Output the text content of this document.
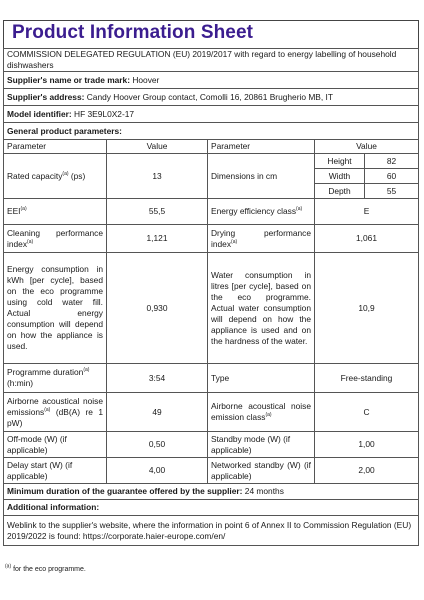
Product Information Sheet
COMMISSION DELEGATED REGULATION (EU) 2019/2017 with regard to energy labelling of household dishwashers				
Supplier's name or trade mark: Hoover				
Supplier's address: Candy Hoover Group contact, Comolli 16, 20861 Brugherio MB, IT				
Model identifier: HF 3E9L0X2-17				
General product parameters:				
Parameter	Value	Parameter	Value	
Rated capacity$^{(a)}$ (ps)	13	Dimensions in cm	Height	82
			Width	60
			Depth	55
EEI$^{(a)}$	55,5	Energy efficiency class$^{(a)}$	E	
Cleaning performance index$^{(a)}$	1,121	Drying performance index$^{(a)}$	1,061	
Energy consumption in kWh [per cycle], based on the eco programme using cold water fill. Actual energy consumption will depend on how the appliance is used.	0,930	Water consumption in litres [per cycle], based on the eco programme. Actual water consumption will depend on how the appliance is used and on the hardness of the water.	10,9	
Programme duration$^{(a)}$
(h:min)	3:54	Type	Free-standing	
Airborne acoustical noise emissions$^{(a)}$ (dB(A) re 1 pW)	49	Airborne acoustical noise emission class$^{(a)}$	C	
Off-mode (W) (if applicable)	0,50	Standby mode (W) (if applicable)	1,00	
Delay start (W) (if applicable)	4,00	Networked standby (W) (if applicable)	2,00	
Minimum duration of the guarantee offered by the supplier: 24 months				
Additional information:				
Weblink to the supplier's website, where the information in point 6 of Annex II to Commission Regulation (EU) 2019/2022 is found: https://corporate.haier-europe.com/en/				
$^{(a)}$ for the eco programme.
